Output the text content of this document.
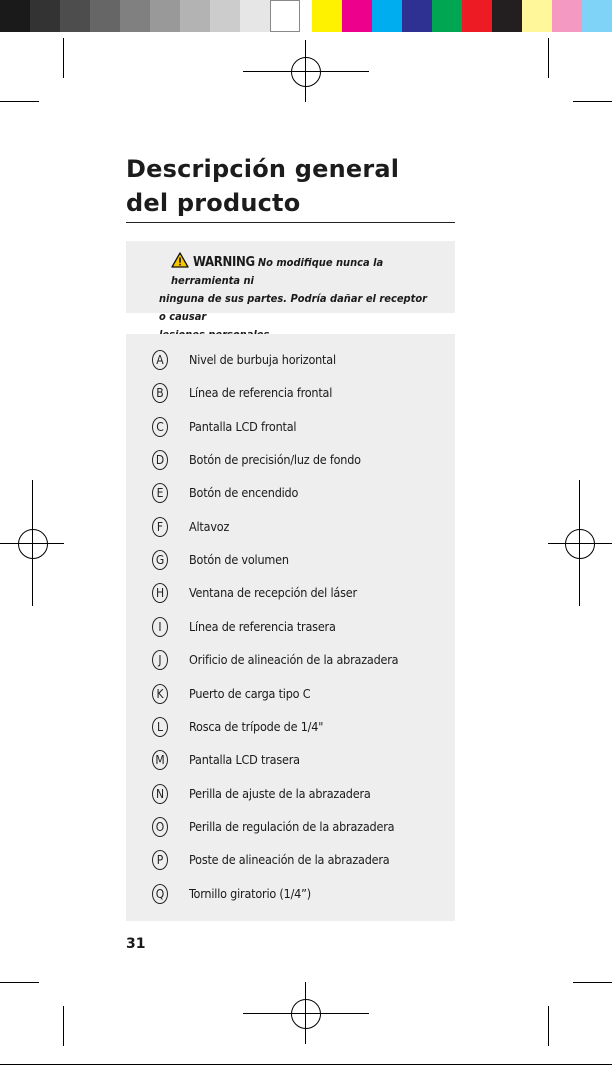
Descripción general
del producto
WARNING No modifique nunca la herramienta ni
ninguna de sus partes. Podría dañar el receptor o causar
A	Nivel de burbuja horizontal
B	Línea de referencia frontal
C	Pantalla LCD frontal
D	Botón de precisión/luz de fondo
E	Botón de encendido
F	Altavoz
G	Botón de volumen
H	Ventana de recepción del láser
I	Línea de referencia trasera
J	Orificio de alineación de la abrazadera
K	Puerto de carga tipo C
L	Rosca de trípode de 1/4"
M Pantalla LCD trasera
N	Perilla de ajuste de la abrazadera
O	Perilla de regulación de la abrazadera
P	Poste de alineación de la abrazadera
Q	Tornillo giratorio (1/4”)
31
